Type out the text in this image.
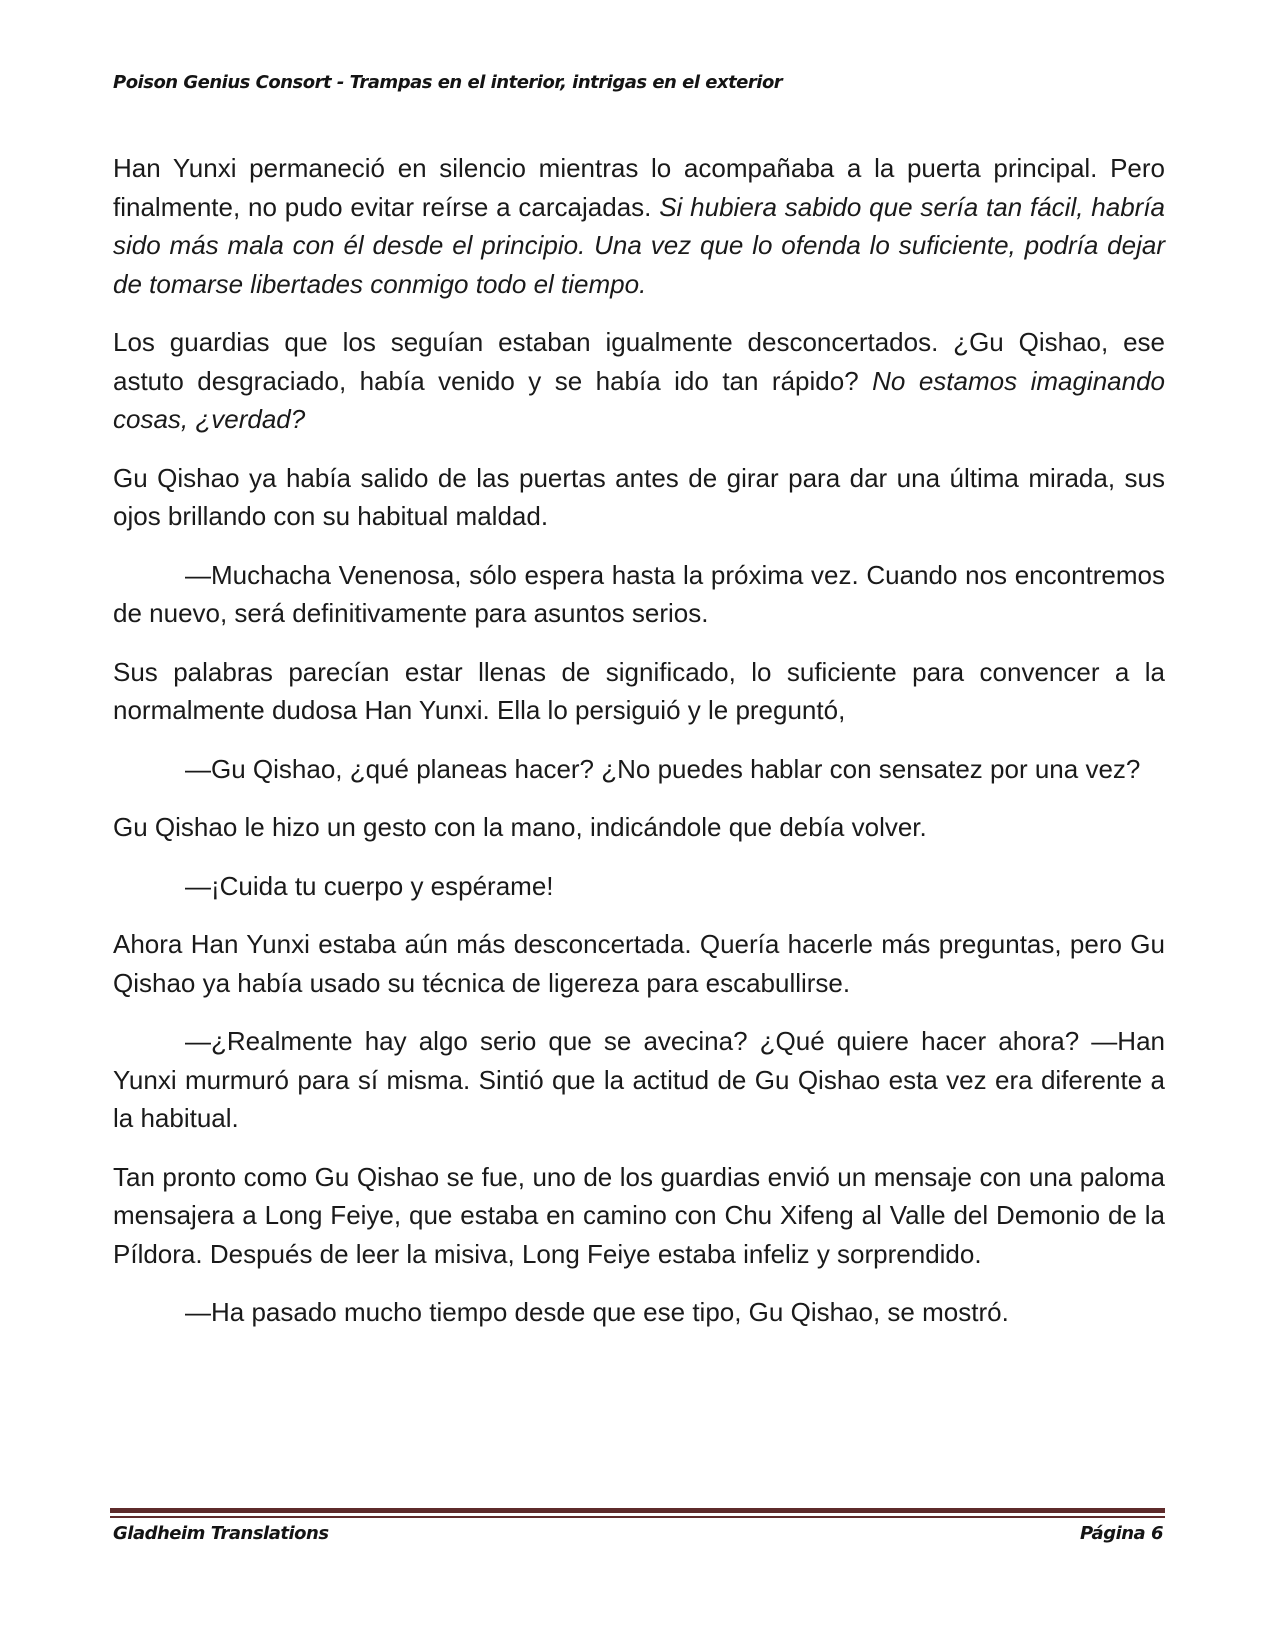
Poison Genius Consort - Trampas en el interior, intrigas en el exterior

Han Yunxi permaneció en silencio mientras lo acompañaba a la puerta principal. Pero finalmente, no pudo evitar reírse a carcajadas. Si hubiera sabido que sería tan fácil, habría sido más mala con él desde el principio. Una vez que lo ofenda lo suficiente, podría dejar de tomarse libertades conmigo todo el tiempo.

Los guardias que los seguían estaban igualmente desconcertados. ¿Gu Qishao, ese astuto desgraciado, había venido y se había ido tan rápido? No estamos imaginando cosas, ¿verdad?

Gu Qishao ya había salido de las puertas antes de girar para dar una última mirada, sus ojos brillando con su habitual maldad.

—Muchacha Venenosa, sólo espera hasta la próxima vez. Cuando nos encontremos de nuevo, será definitivamente para asuntos serios.

Sus palabras parecían estar llenas de significado, lo suficiente para convencer a la normalmente dudosa Han Yunxi. Ella lo persiguió y le preguntó,

—Gu Qishao, ¿qué planeas hacer? ¿No puedes hablar con sensatez por una vez?

Gu Qishao le hizo un gesto con la mano, indicándole que debía volver.

—¡Cuida tu cuerpo y espérame!

Ahora Han Yunxi estaba aún más desconcertada. Quería hacerle más preguntas, pero Gu Qishao ya había usado su técnica de ligereza para escabullirse.

—¿Realmente hay algo serio que se avecina? ¿Qué quiere hacer ahora? —Han Yunxi murmuró para sí misma. Sintió que la actitud de Gu Qishao esta vez era diferente a la habitual.

Tan pronto como Gu Qishao se fue, uno de los guardias envió un mensaje con una paloma mensajera a Long Feiye, que estaba en camino con Chu Xifeng al Valle del Demonio de la Píldora. Después de leer la misiva, Long Feiye estaba infeliz y sorprendido.

—Ha pasado mucho tiempo desde que ese tipo, Gu Qishao, se mostró.

Gladheim Translations	Página 6
